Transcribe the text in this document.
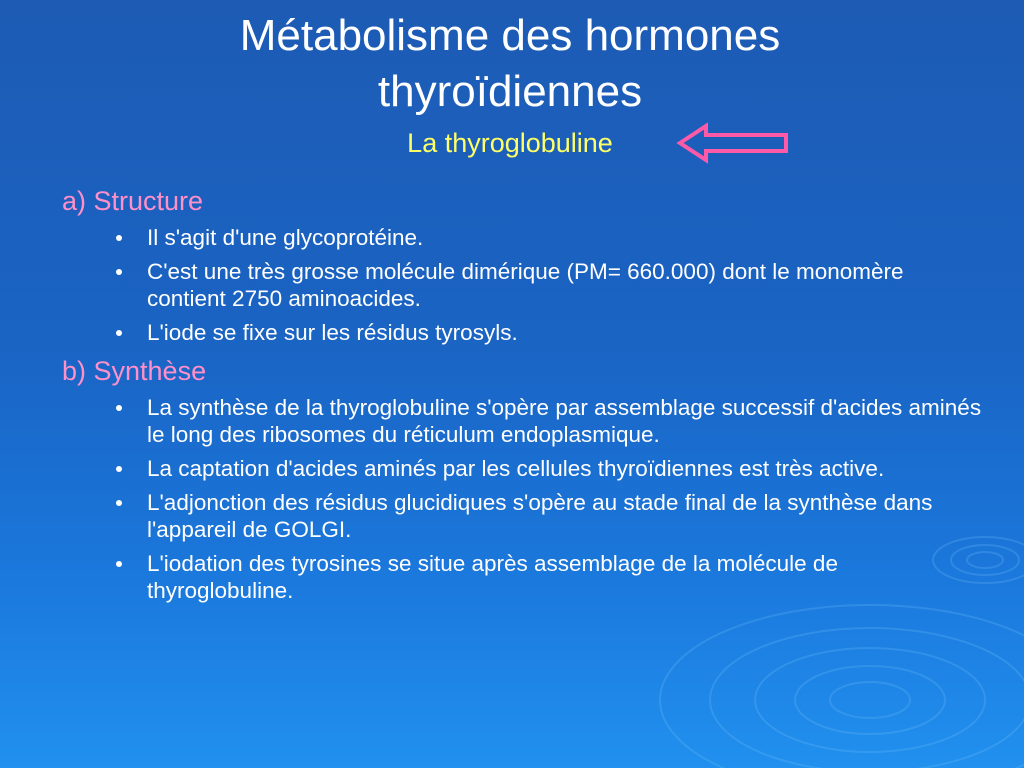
Métabolisme des hormones
thyroïdiennes
La thyroglobuline
a) Structure
Il s'agit d'une glycoprotéine.
C'est une très grosse molécule dimérique (PM= 660.000) dont le monomère contient 2750 aminoacides.
L'iode se fixe sur les résidus tyrosyls.
b) Synthèse
La synthèse de la thyroglobuline s'opère par assemblage successif d'acides aminés le long des ribosomes du réticulum endoplasmique.
La captation d'acides aminés par les cellules thyroïdiennes est très active.
L'adjonction des résidus glucidiques s'opère au stade final de la synthèse dans l'appareil de GOLGI.
L'iodation des tyrosines se situe après assemblage de la molécule de thyroglobuline.
